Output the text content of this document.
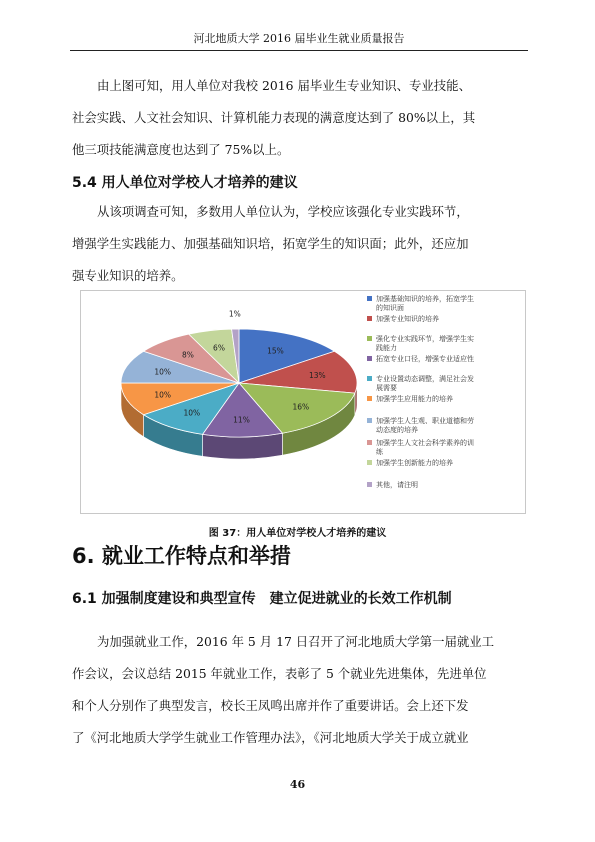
河北地质大学 2016 届毕业生就业质量报告

由上图可知，用人单位对我校 2016 届毕业生专业知识、专业技能、
社会实践、人文社会知识、计算机能力表现的满意度达到了 80%以上，其
他三项技能满意度也达到了 75%以上。

5.4 用人单位对学校人才培养的建议

从该项调查可知，多数用人单位认为，学校应该强化专业实践环节，
增强学生实践能力、加强基础知识培，拓宽学生的知识面；此外，还应加
强专业知识的培养。

15%
13%
16%
11%
10%
10%
10%
8%
6%
1%
加强基础知识的培养，拓宽学生
的知识面
加强专业知识的培养
强化专业实践环节，增强学生实
践能力
拓宽专业口径，增强专业适应性
专业设置动态调整，满足社会发
展需要
加强学生应用能力的培养
加强学生人生观、职业道德和劳
动态度的培养
加强学生人文社会科学素养的训
练
加强学生创新能力的培养
其他，请注明
图 37：用人单位对学校人才培养的建议
6. 就业工作特点和举措
6.1 加强制度建设和典型宣传　建立促进就业的长效工作机制

为加强就业工作，2016 年 5 月 17 日召开了河北地质大学第一届就业工
作会议，会议总结 2015 年就业工作，表彰了 5 个就业先进集体，先进单位
和个人分别作了典型发言，校长王凤鸣出席并作了重要讲话。会上还下发
了《河北地质大学学生就业工作管理办法》，《河北地质大学关于成立就业

46
